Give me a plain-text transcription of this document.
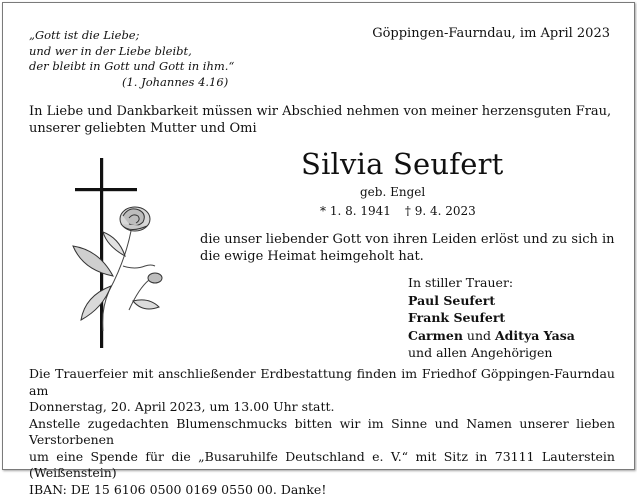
„Gott ist die Liebe;
und wer in der Liebe bleibt,
der bleibt in Gott und Gott in ihm.“

(1. Johannes 4.16)
Göppingen-Faurndau, im April 2023
In Liebe und Dankbarkeit müssen wir Abschied nehmen von meiner herzensguten Frau, unserer geliebten Mutter und Omi
Silvia Seufert
geb. Engel
* 1. 8. 1941 † 9. 4. 2023
die unser liebender Gott von ihren Leiden erlöst und zu sich in die ewige Heimat heimgeholt hat.
In stiller Trauer:
Paul Seufert
Frank Seufert
Carmen und Aditya Yasa
und allen Angehörigen
Die Trauerfeier mit anschließender Erdbestattung finden im Friedhof Göppingen-Faurndau am
Donnerstag, 20. April 2023, um 13.00 Uhr statt.
Anstelle zugedachten Blumenschmucks bitten wir im Sinne und Namen unserer lieben Verstorbenen
um eine Spende für die „Busaruhilfe Deutschland e. V.“ mit Sitz in 73111 Lauterstein (Weißenstein)
IBAN: DE 15 6106 0500 0169 0550 00. Danke!
